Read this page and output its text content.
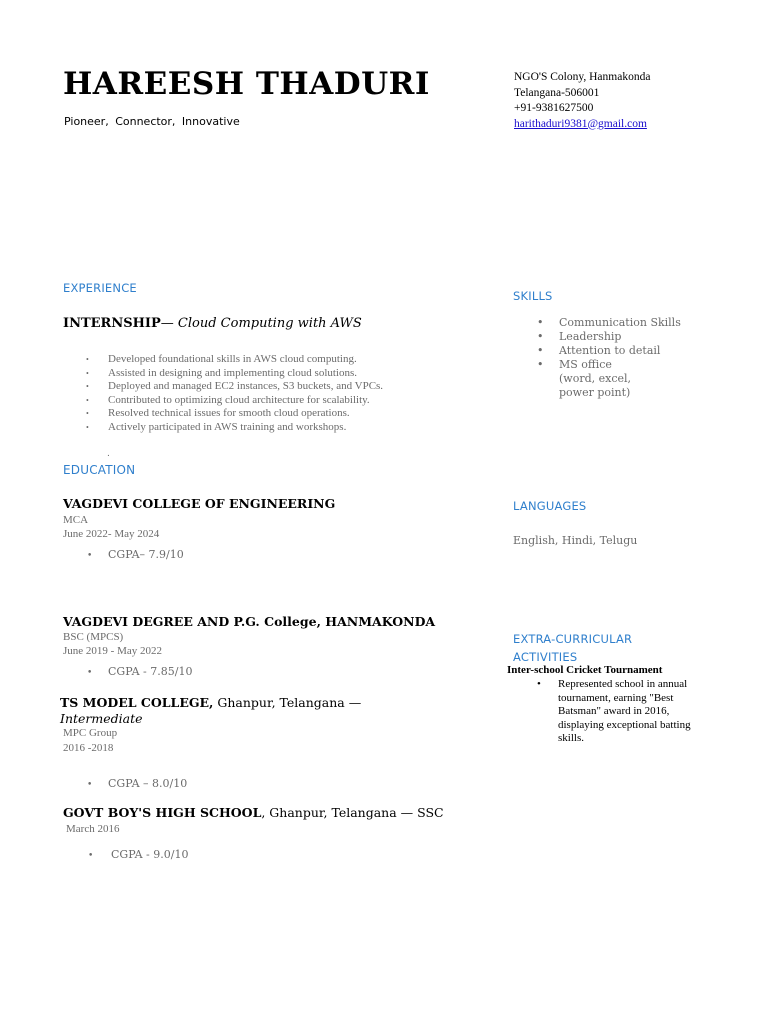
HAREESH THADURI
Pioneer, Connector, Innovative
NGO'S Colony, Hanmakonda
Telangana-506001
+91-9381627500
harithaduri9381@gmail.com
EXPERIENCE
INTERNSHIP— Cloud Computing with AWS
• Developed foundational skills in AWS cloud computing.
• Assisted in designing and implementing cloud solutions.
• Deployed and managed EC2 instances, S3 buckets, and VPCs.
• Contributed to optimizing cloud architecture for scalability.
• Resolved technical issues for smooth cloud operations.
• Actively participated in AWS training and workshops.
.
EDUCATION
VAGDEVI COLLEGE OF ENGINEERING
MCA
June 2022- May 2024
• CGPA– 7.9/10
VAGDEVI DEGREE AND P.G. College, HANMAKONDA
BSC (MPCS)
June 2019 - May 2022
• CGPA - 7.85/10
TS MODEL COLLEGE, Ghanpur, Telangana —
Intermediate
MPC Group
2016 -2018
• CGPA – 8.0/10
GOVT BOY'S HIGH SCHOOL, Ghanpur, Telangana — SSC
March 2016
• CGPA - 9.0/10
SKILLS
• Communication Skills
• Leadership
• Attention to detail
• MS office (word, excel, power point)
LANGUAGES
English, Hindi, Telugu
EXTRA-CURRICULAR
ACTIVITIES
Inter-school Cricket Tournament
• Represented school in annual tournament, earning "Best Batsman" award in 2016, displaying exceptional batting skills.
